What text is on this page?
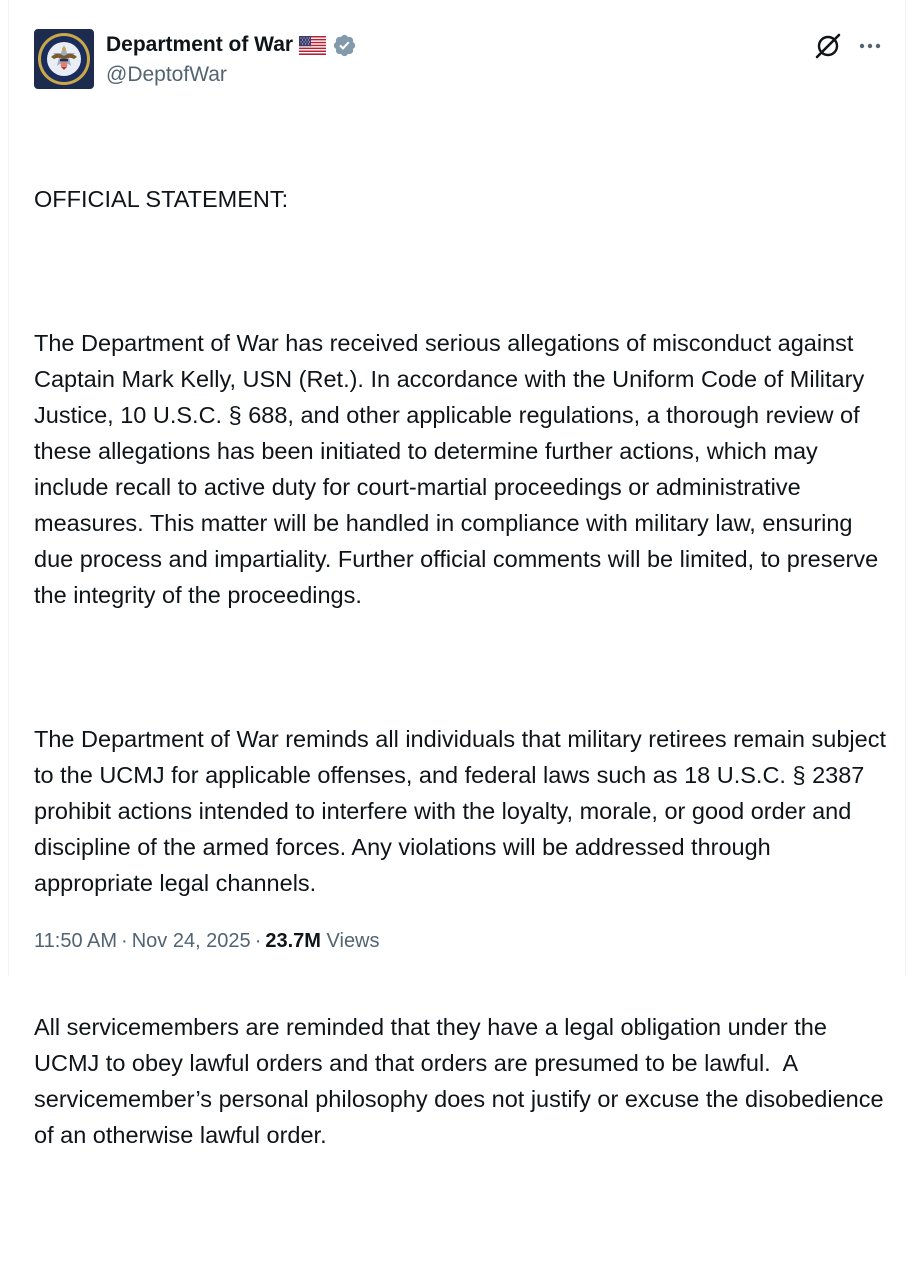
Department of War
@DeptofWar

OFFICIAL STATEMENT:

The Department of War has received serious allegations of misconduct against Captain Mark Kelly, USN (Ret.). In accordance with the Uniform Code of Military Justice, 10 U.S.C. § 688, and other applicable regulations, a thorough review of these allegations has been initiated to determine further actions, which may include recall to active duty for court-martial proceedings or administrative measures. This matter will be handled in compliance with military law, ensuring due process and impartiality. Further official comments will be limited, to preserve the integrity of the proceedings.

The Department of War reminds all individuals that military retirees remain subject to the UCMJ for applicable offenses, and federal laws such as 18 U.S.C. § 2387 prohibit actions intended to interfere with the loyalty, morale, or good order and discipline of the armed forces. Any violations will be addressed through appropriate legal channels.

All servicemembers are reminded that they have a legal obligation under the UCMJ to obey lawful orders and that orders are presumed to be lawful.  A servicemember’s personal philosophy does not justify or excuse the disobedience of an otherwise lawful order.

11:50 AM · Nov 24, 2025 · 23.7M Views
